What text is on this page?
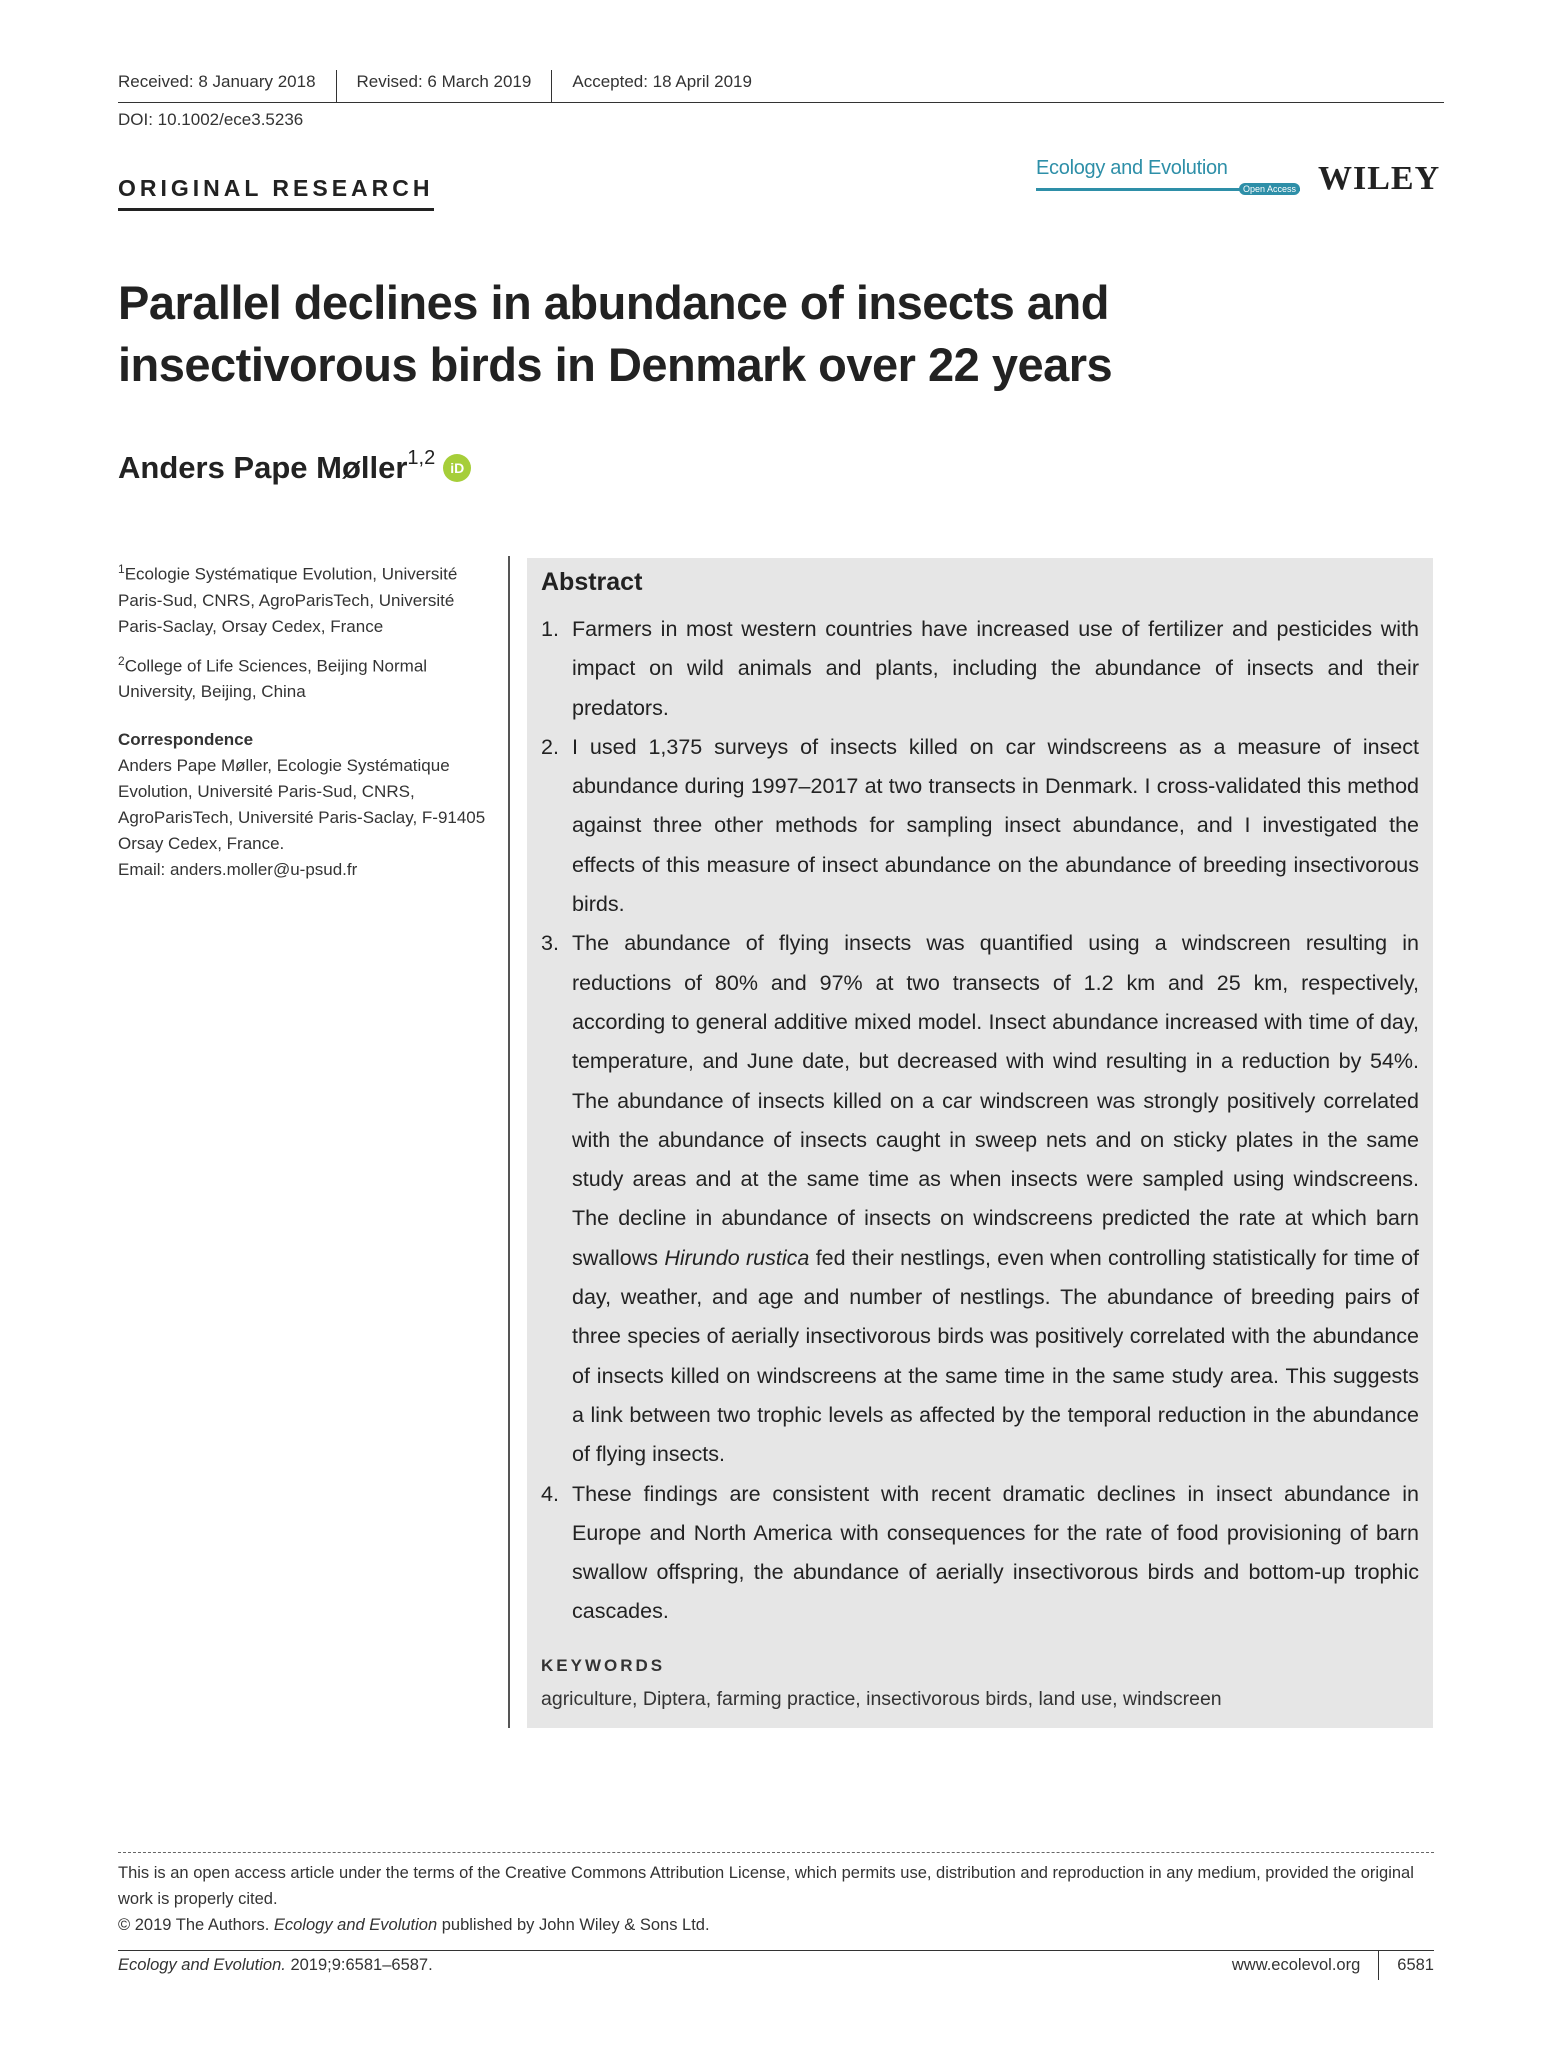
Received: 8 January 2018	Revised: 6 March 2019	Accepted: 18 April 2019
DOI: 10.1002/ece3.5236
ORIGINAL RESEARCH
Ecology and Evolution
Open Access WILEY
Parallel declines in abundance of insects and insectivorous birds in Denmark over 22 years
Anders Pape Møller$^{1,2}$	iD

$^1$Ecologie Systématique Evolution, Université Paris-Sud, CNRS, AgroParisTech, Université Paris-Saclay, Orsay Cedex, France

$^2$College of Life Sciences, Beijing Normal University, Beijing, China

Correspondence
Anders Pape Møller, Ecologie Systématique Evolution, Université Paris-Sud, CNRS, AgroParisTech, Université Paris-Saclay, F-91405 Orsay Cedex, France.
Email: anders.moller@u-psud.fr
Abstract
1. Farmers in most western countries have increased use of fertilizer and pesticides with impact on wild animals and plants, including the abundance of insects and their predators.
2. I used 1,375 surveys of insects killed on car windscreens as a measure of insect abundance during 1997–2017 at two transects in Denmark. I cross-validated this method against three other methods for sampling insect abundance, and I investigated the effects of this measure of insect abundance on the abundance of breeding insectivorous birds.
3. The abundance of flying insects was quantified using a windscreen resulting in reductions of 80% and 97% at two transects of 1.2 km and 25 km, respectively, according to general additive mixed model. Insect abundance increased with time of day, temperature, and June date, but decreased with wind resulting in a reduction by 54%. The abundance of insects killed on a car windscreen was strongly positively correlated with the abundance of insects caught in sweep nets and on sticky plates in the same study areas and at the same time as when insects were sampled using windscreens. The decline in abundance of insects on windscreens predicted the rate at which barn swallows Hirundo rustica fed their nestlings, even when controlling statistically for time of day, weather, and age and number of nestlings. The abundance of breeding pairs of three species of aerially insectivorous birds was positively correlated with the abundance of insects killed on windscreens at the same time in the same study area. This suggests a link between two trophic levels as affected by the temporal reduction in the abundance of flying insects.
4. These findings are consistent with recent dramatic declines in insect abundance in Europe and North America with consequences for the rate of food provisioning of barn swallow offspring, the abundance of aerially insectivorous birds and bottom-up trophic cascades.
KEYWORDS
agriculture, Diptera, farming practice, insectivorous birds, land use, windscreen
This is an open access article under the terms of the Creative Commons Attribution License, which permits use, distribution and reproduction in any medium, provided the original work is properly cited.
© 2019 The Authors. Ecology and Evolution published by John Wiley & Sons Ltd.
Ecology and Evolution. 2019;9:6581–6587.	www.ecolevol.org	6581
